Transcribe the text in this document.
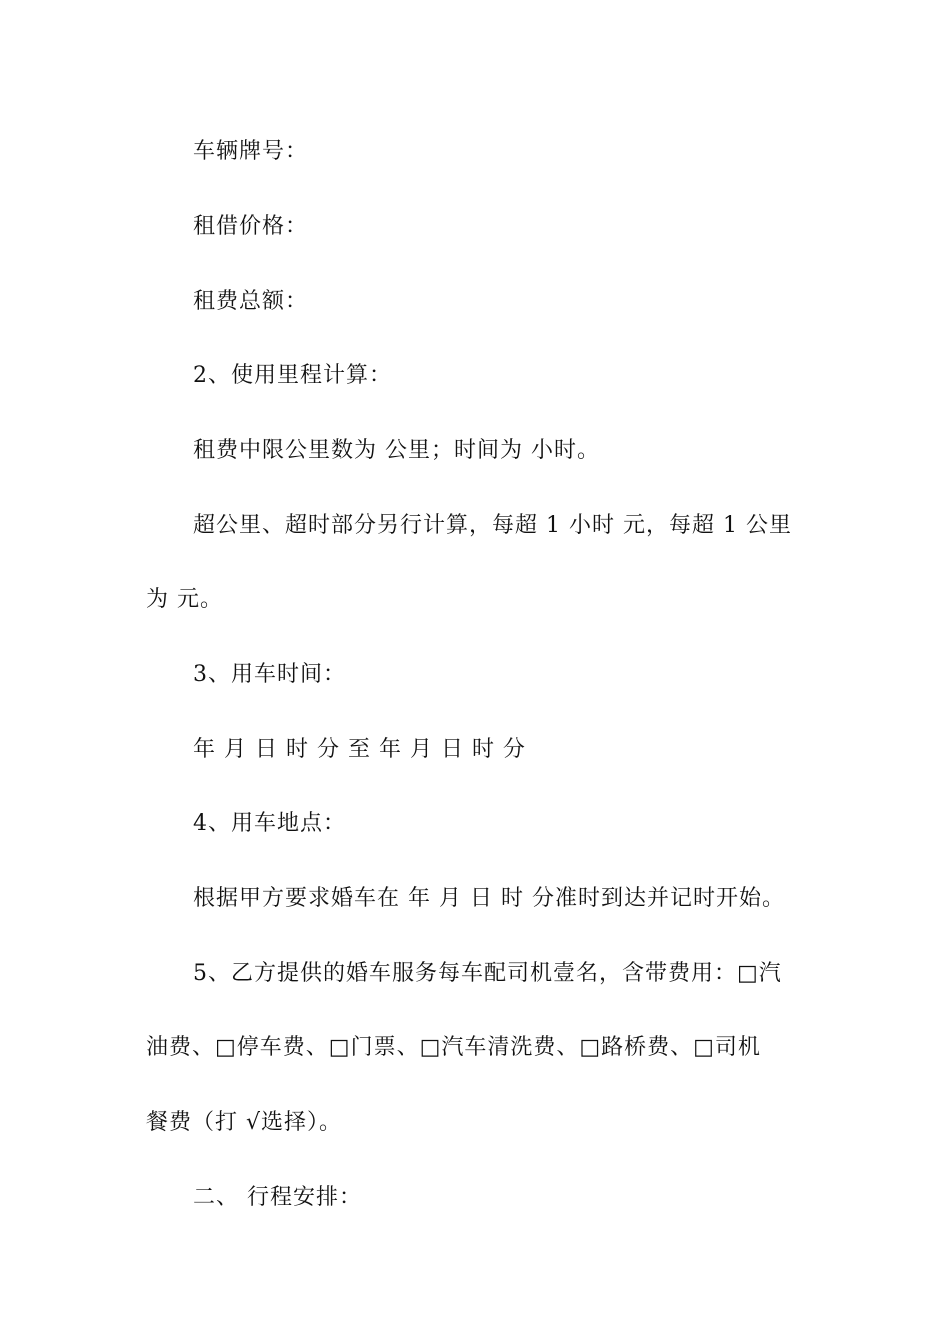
车辆牌号：
租借价格：
租费总额：
2、使用里程计算：
租费中限公里数为 公里；时间为 小时。
超公里、超时部分另行计算，每超 1 小时 元，每超 1 公里
为 元。
3、用车时间：
年 月 日 时 分 至 年 月 日 时 分
4、用车地点：
根据甲方要求婚车在 年 月 日 时 分准时到达并记时开始。
5、乙方提供的婚车服务每车配司机壹名，含带费用：□汽
油费、□停车费、□门票、□汽车清洗费、□路桥费、□司机
餐费（打 √选择）。
二、 行程安排：
